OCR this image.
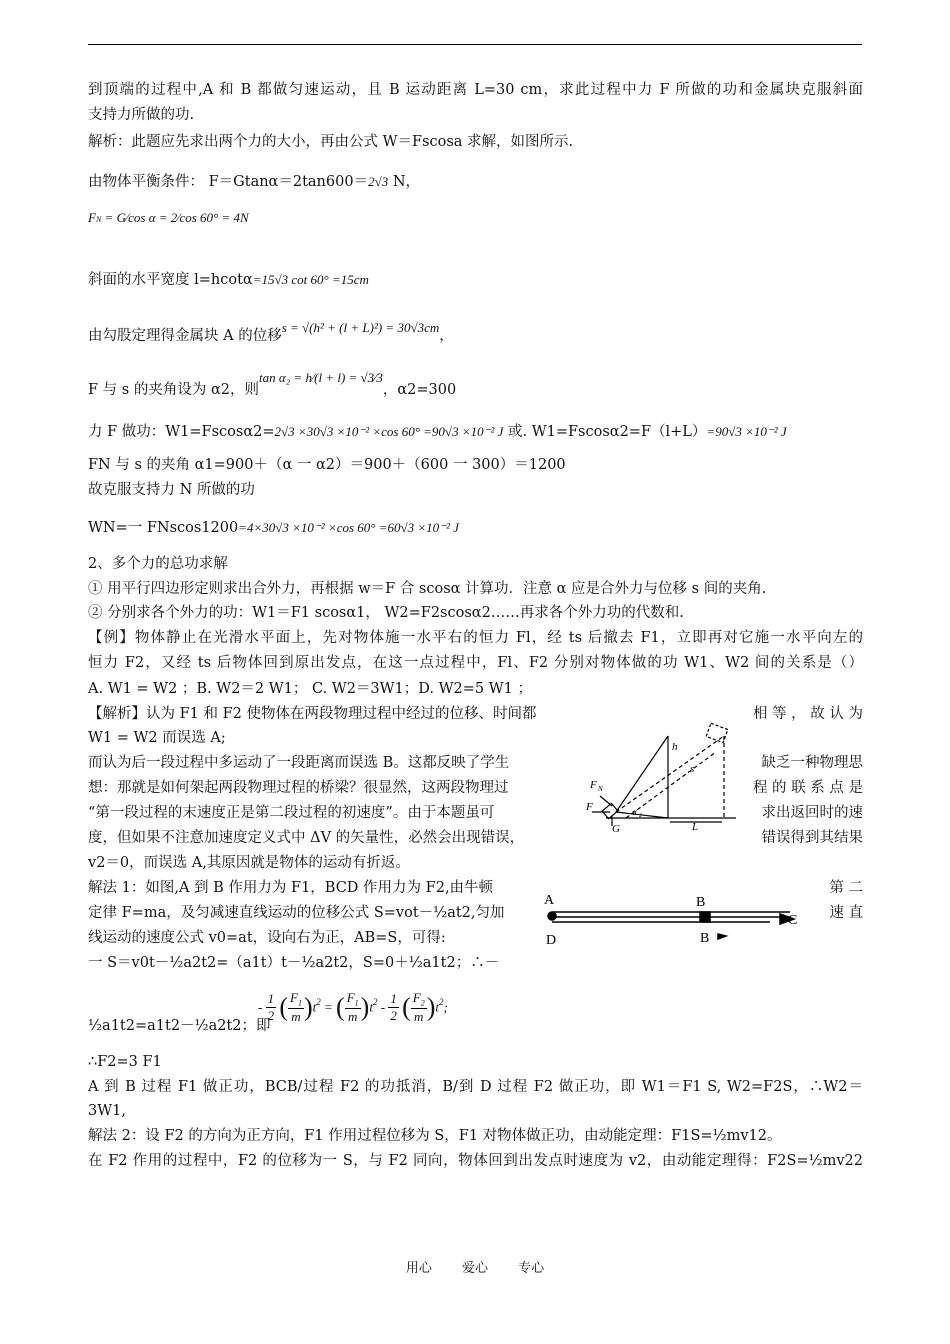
到顶端的过程中,A 和 B 都做匀速运动，且 B 运动距离 L=30 cm，求此过程中力 F 所做的功和金属块克服斜面
支持力所做的功.
解析：此题应先求出两个力的大小，再由公式 W＝Fscosa 求解，如图所示.
由物体平衡条件： F＝Gtanα＝2tan600＝2√3 N，
FN = G⁄cos α = 2⁄cos 60° = 4N
斜面的水平宽度 l=hcotα=15√3 cot 60° =15cm
由勾股定理得金属块 A 的位移s = √(h² + (l + L)²) = 30√3cm，
F 与 s 的夹角设为 α2，则tan α₂ = h⁄(l + l) = √3⁄3，α2=300
力 F 做功：W1=Fscosα2=2√3 ×30√3 ×10⁻² ×cos 60° =90√3 ×10⁻² J 或. W1=Fscosα2=F（l+L）=90√3 ×10⁻² J
FN 与 s 的夹角 α1=900＋（α 一 α2）＝900＋（600 一 300）＝1200
故克服支持力 N 所做的功
WN=一 FNscos1200=4×30√3 ×10⁻² ×cos 60° =60√3 ×10⁻² J
2、多个力的总功求解
① 用平行四边形定则求出合外力，再根据 w＝F 合 scosα 计算功．注意 α 应是合外力与位移 s 间的夹角.
② 分别求各个外力的功：W1＝F1 scosα1， W2=F2scosα2……再求各个外力功的代数和.
【例】物体静止在光滑水平面上，先对物体施一水平右的恒力 Fl，经 ts 后撤去 F1，立即再对它施一水平向左的
恒力 F2，又经 ts 后物体回到原出发点，在这一点过程中，Fl、F2 分别对物体做的功 W1、W2 间的关系是（）
A. W1 = W2 ；B. W2＝2 W1； C. W2＝3W1；D. W2=5 W1 ；
【解析】认为 F1 和 F2 使物体在两段物理过程中经过的位移、时间都	相 等 ， 故 认 为
W1 = W2 而误选 A;
而认为后一段过程中多运动了一段距离而误选 B。这都反映了学生	缺乏一种物理思
想：那就是如何架起两段物理过程的桥梁？很显然，这两段物理过	程 的 联 系 点 是
“第一段过程的末速度正是第二段过程的初速度”。由于本题虽可	求出返回时的速
度，但如果不注意加速度定义式中 ΔV 的矢量性，必然会出现错误，	错误得到其结果
v2＝0，而误选 A,其原因就是物体的运动有折返。
h
s
F N
F
G
α 2
L
解法 1：如图,A 到 B 作用力为 F1，BCD 作用力为 F2,由牛顿	第 二
定律 F=ma，及匀减速直线运动的位移公式 S=vot－½at2,匀加	速 直
线运动的速度公式 v0=at，设向右为正，AB=S，可得:
一 S＝v0t－½a2t2=（a1t）t－½a2t2，S=0＋½a1t2；∴－
A	B
C
D	B
½a1t2=a1t2－½a2t2；即
- $\frac{1}{2}$ ( $\frac{F_1}{m} )t^2$ = ( $\frac{F_1}{m} )t^2 - \frac{1}{2}$ ( $\frac{F_2}{m} )t^2$;
∴F2=3 F1
A 到 B 过程 F1 做正功，BCB/过程 F2 的功抵消，B/到 D 过程 F2 做正功，即 W1＝F1 S, W2=F2S，∴W2＝
3W1,
解法 2：设 F2 的方向为正方向，F1 作用过程位移为 S，F1 对物体做正功，由动能定理：F1S=½mv12。
在 F2 作用的过程中，F2 的位移为一 S，与 F2 同向，物体回到出发点时速度为 v2，由动能定理得：F2S=½mv22
用心 爱心 专心
